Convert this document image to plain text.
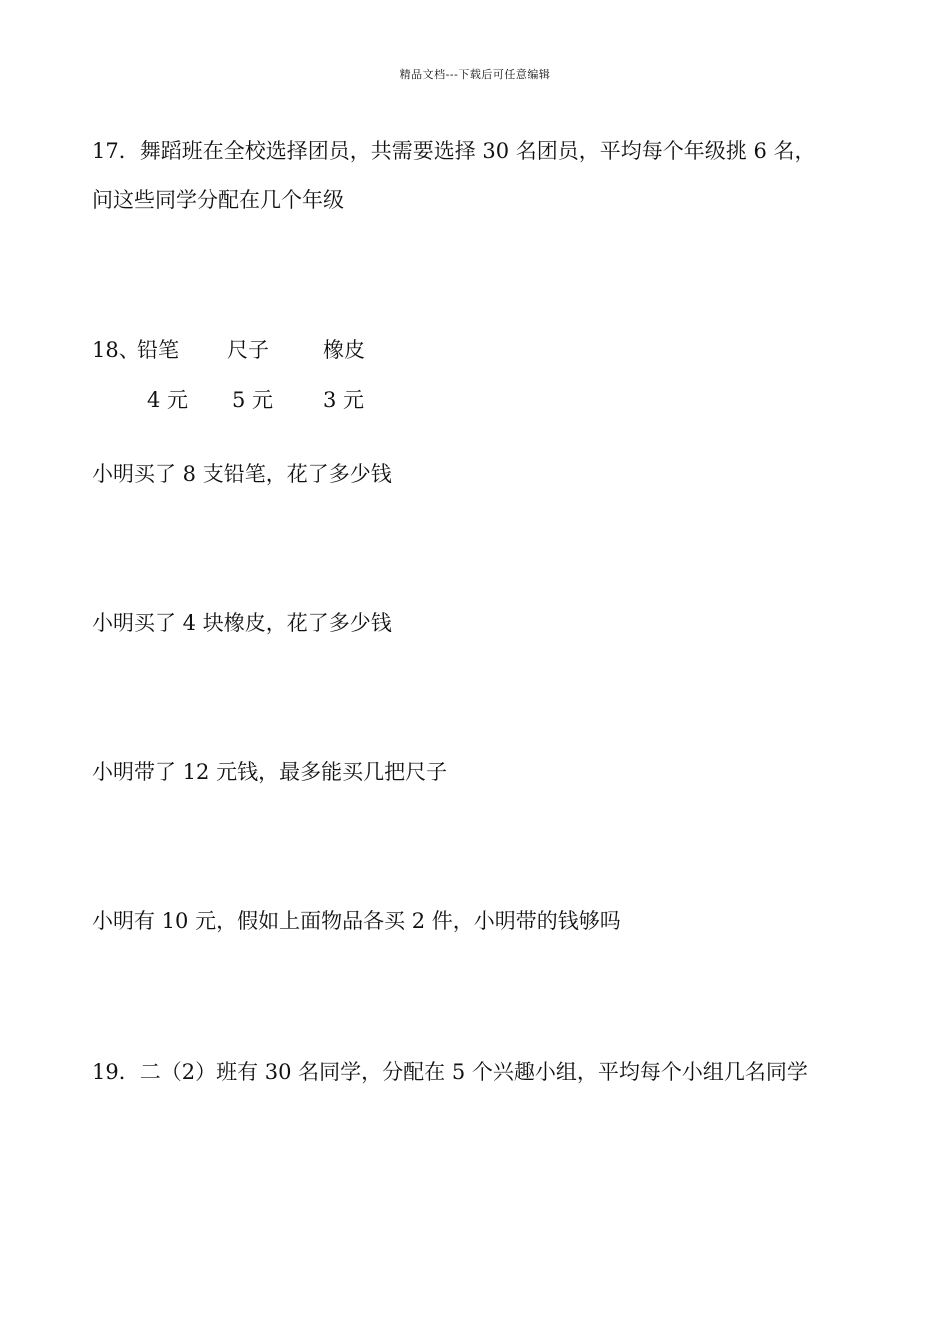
精品文档---下载后可任意编辑
17．舞蹈班在全校选择团员，共需要选择 30 名团员，平均每个年级挑 6 名，
问这些同学分配在几个年级
18、
铅笔 尺子	橡皮
4 元 5 元 3 元
小明买了 8 支铅笔，花了多少钱
小明买了 4 块橡皮，花了多少钱
小明带了 12 元钱，最多能买几把尺子
小明有 10 元，假如上面物品各买 2 件，小明带的钱够吗
19．二（2）班有 30 名同学，分配在 5 个兴趣小组，平均每个小组几名同学
